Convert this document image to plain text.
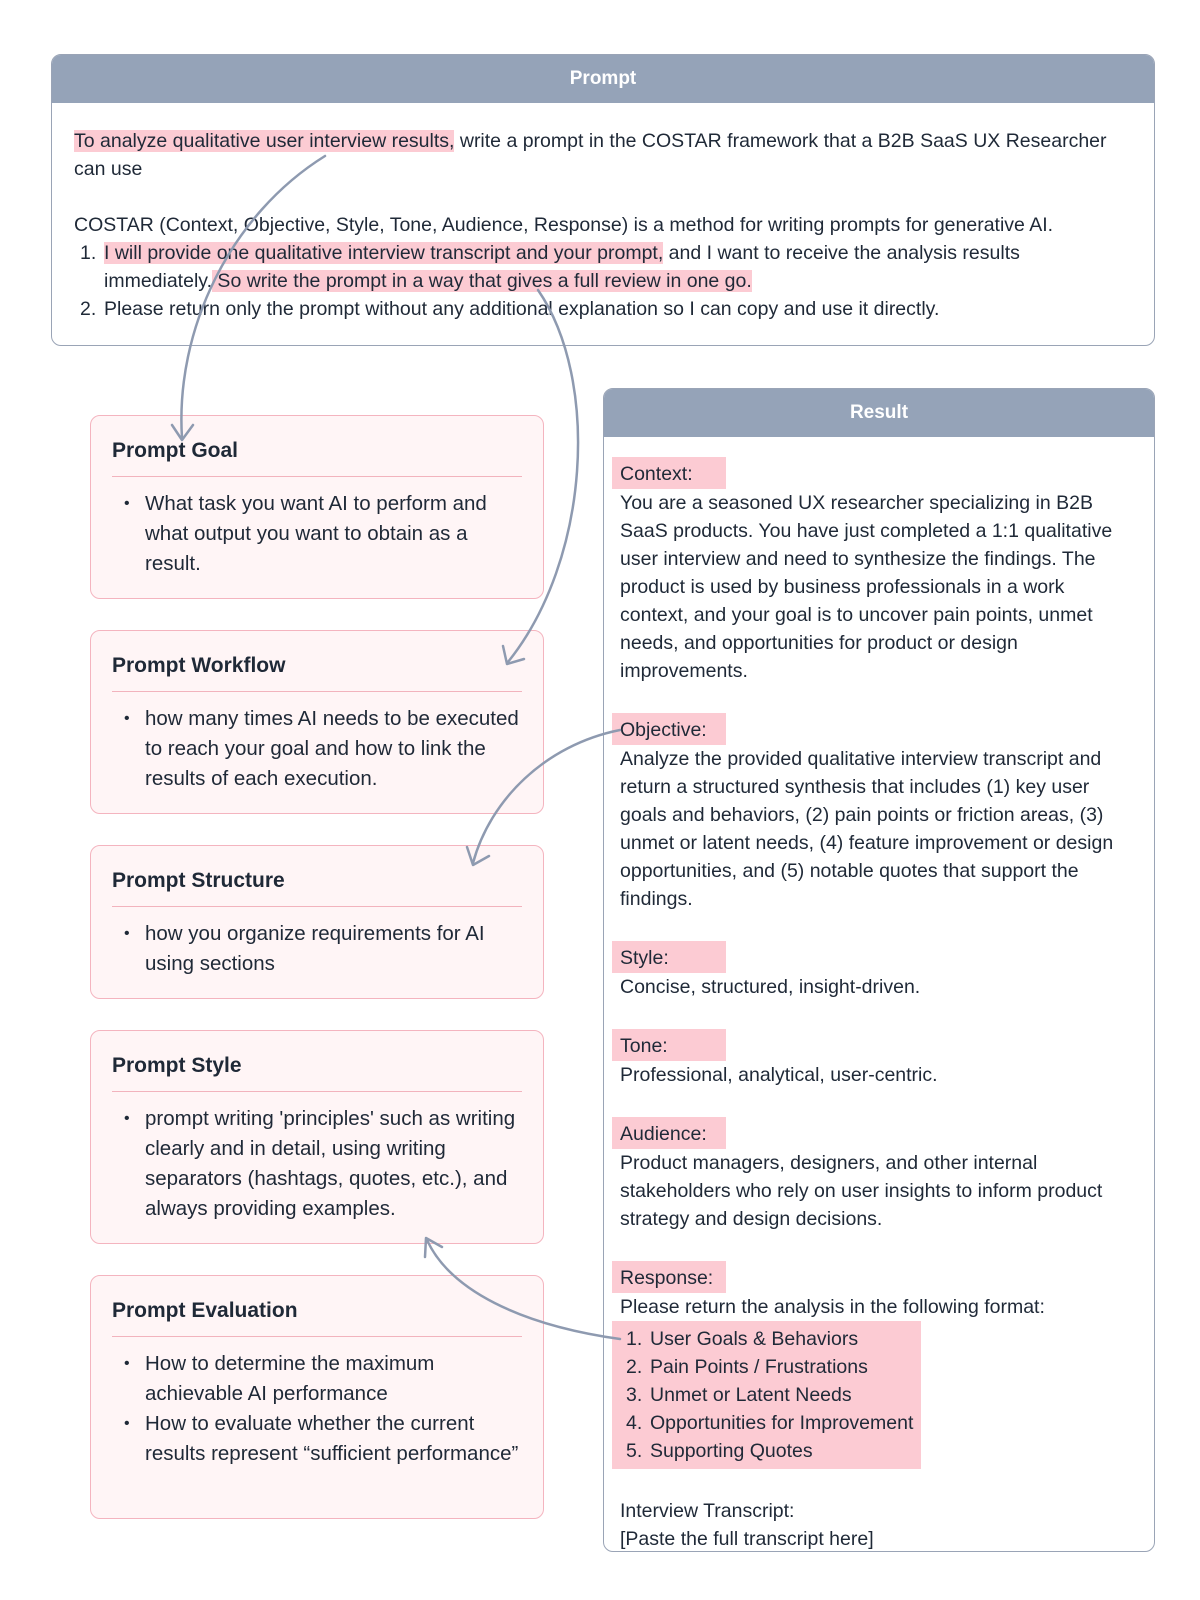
Prompt
To analyze qualitative user interview results, write a prompt in the COSTAR framework that a B2B SaaS UX Researcher can use
COSTAR (Context, Objective, Style, Tone, Audience, Response) is a method for writing prompts for generative AI.
1. I will provide one qualitative interview transcript and your prompt, and I want to receive the analysis results immediately. So write the prompt in a way that gives a full review in one go.
2. Please return only the prompt without any additional explanation so I can copy and use it directly.
Prompt Goal
• What task you want AI to perform and what output you want to obtain as a result.
Prompt Workflow
• how many times AI needs to be executed to reach your goal and how to link the results of each execution.
Prompt Structure
• how you organize requirements for AI using sections
Prompt Style
• prompt writing 'principles' such as writing clearly and in detail, using writing separators (hashtags, quotes, etc.), and always providing examples.
Prompt Evaluation
• How to determine the maximum achievable AI performance
• How to evaluate whether the current results represent “sufficient performance”
Result
Context:
You are a seasoned UX researcher specializing in B2B SaaS products. You have just completed a 1:1 qualitative user interview and need to synthesize the findings. The product is used by business professionals in a work context, and your goal is to uncover pain points, unmet needs, and opportunities for product or design improvements.
Objective:
Analyze the provided qualitative interview transcript and return a structured synthesis that includes (1) key user goals and behaviors, (2) pain points or friction areas, (3) unmet or latent needs, (4) feature improvement or design opportunities, and (5) notable quotes that support the findings.
Style:
Concise, structured, insight-driven.
Tone:
Professional, analytical, user-centric.
Audience:
Product managers, designers, and other internal stakeholders who rely on user insights to inform product strategy and design decisions.
Response:
Please return the analysis in the following format:
1. User Goals & Behaviors
2. Pain Points / Frustrations
3. Unmet or Latent Needs
4. Opportunities for Improvement
5. Supporting Quotes
Interview Transcript:
[Paste the full transcript here]
